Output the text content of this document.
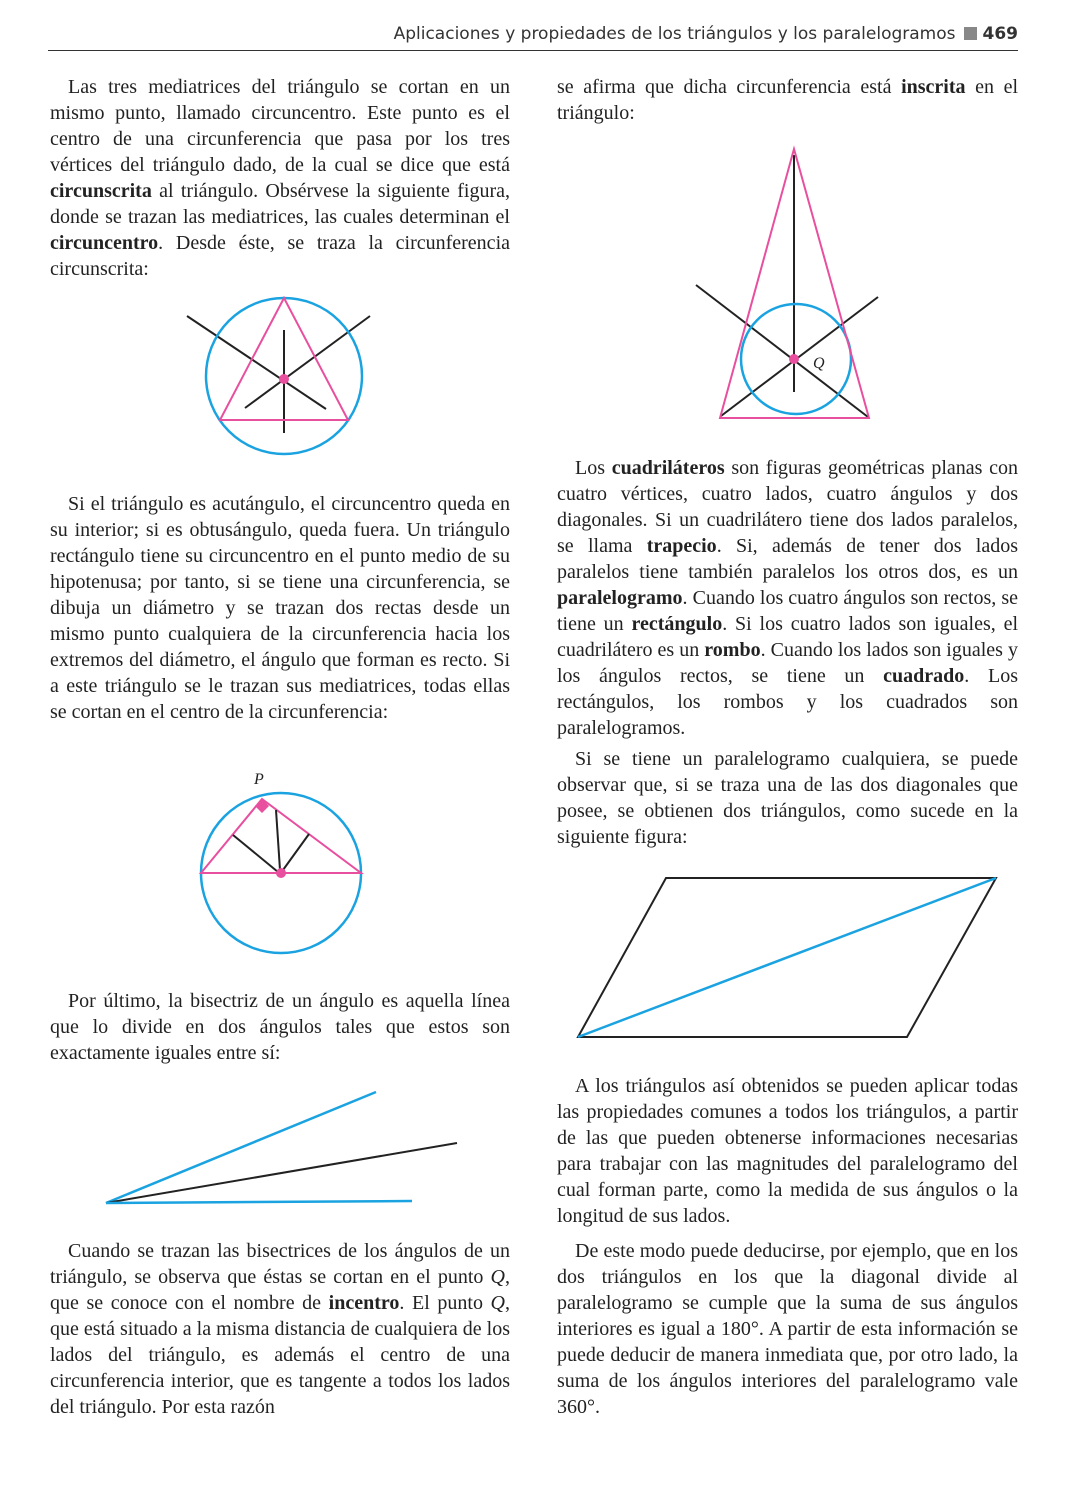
Aplicaciones y propiedades de los triángulos y los paralelogramos 469

Las tres mediatrices del triángulo se cortan en un mismo punto, llamado circuncentro. Este punto es el centro de una circunferencia que pasa por los tres vértices del triángulo dado, de la cual se dice que está circunscrita al triángulo. Obsérvese la siguiente figura, donde se trazan las mediatrices, las cuales determinan el circuncentro. Desde éste, se traza la circunferencia circunscrita:

Si el triángulo es acutángulo, el circuncentro queda en su interior; si es obtusángulo, queda fuera. Un triángulo rectángulo tiene su circuncentro en el punto medio de su hipotenusa; por tanto, si se tiene una circunferencia, se dibuja un diámetro y se trazan dos rectas desde un mismo punto cualquiera de la circunferencia hacia los extremos del diámetro, el ángulo que forman es recto. Si a este triángulo se le trazan sus mediatrices, todas ellas se cortan en el centro de la circunferencia:

P

Por último, la bisectriz de un ángulo es aquella línea que lo divide en dos ángulos tales que estos son exactamente iguales entre sí:

Cuando se trazan las bisectrices de los ángulos de un triángulo, se observa que éstas se cortan en el punto Q, que se conoce con el nombre de incentro. El punto Q, que está situado a la misma distancia de cualquiera de los lados del triángulo, es además el centro de una circunferencia interior, que es tangente a todos los lados del triángulo. Por esta razón

se afirma que dicha circunferencia está inscrita en el triángulo:

Q

Los cuadriláteros son figuras geométricas planas con cuatro vértices, cuatro lados, cuatro ángulos y dos diagonales. Si un cuadrilátero tiene dos lados paralelos, se llama trapecio. Si, además de tener dos lados paralelos tiene también paralelos los otros dos, es un paralelogramo. Cuando los cuatro ángulos son rectos, se tiene un rectángulo. Si los cuatro lados son iguales, el cuadrilátero es un rombo. Cuando los lados son iguales y los ángulos rectos, se tiene un cuadrado. Los rectángulos, los rombos y los cuadrados son paralelogramos.

Si se tiene un paralelogramo cualquiera, se puede observar que, si se traza una de las dos diagonales que posee, se obtienen dos triángulos, como sucede en la siguiente figura:

A los triángulos así obtenidos se pueden aplicar todas las propiedades comunes a todos los triángulos, a partir de las que pueden obtenerse informaciones necesarias para trabajar con las magnitudes del paralelogramo del cual forman parte, como la medida de sus ángulos o la longitud de sus lados.

De este modo puede deducirse, por ejemplo, que en los dos triángulos en los que la diagonal divide al paralelogramo se cumple que la suma de sus ángulos interiores es igual a 180°. A partir de esta información se puede deducir de manera inmediata que, por otro lado, la suma de los ángulos interiores del paralelogramo vale 360°.
